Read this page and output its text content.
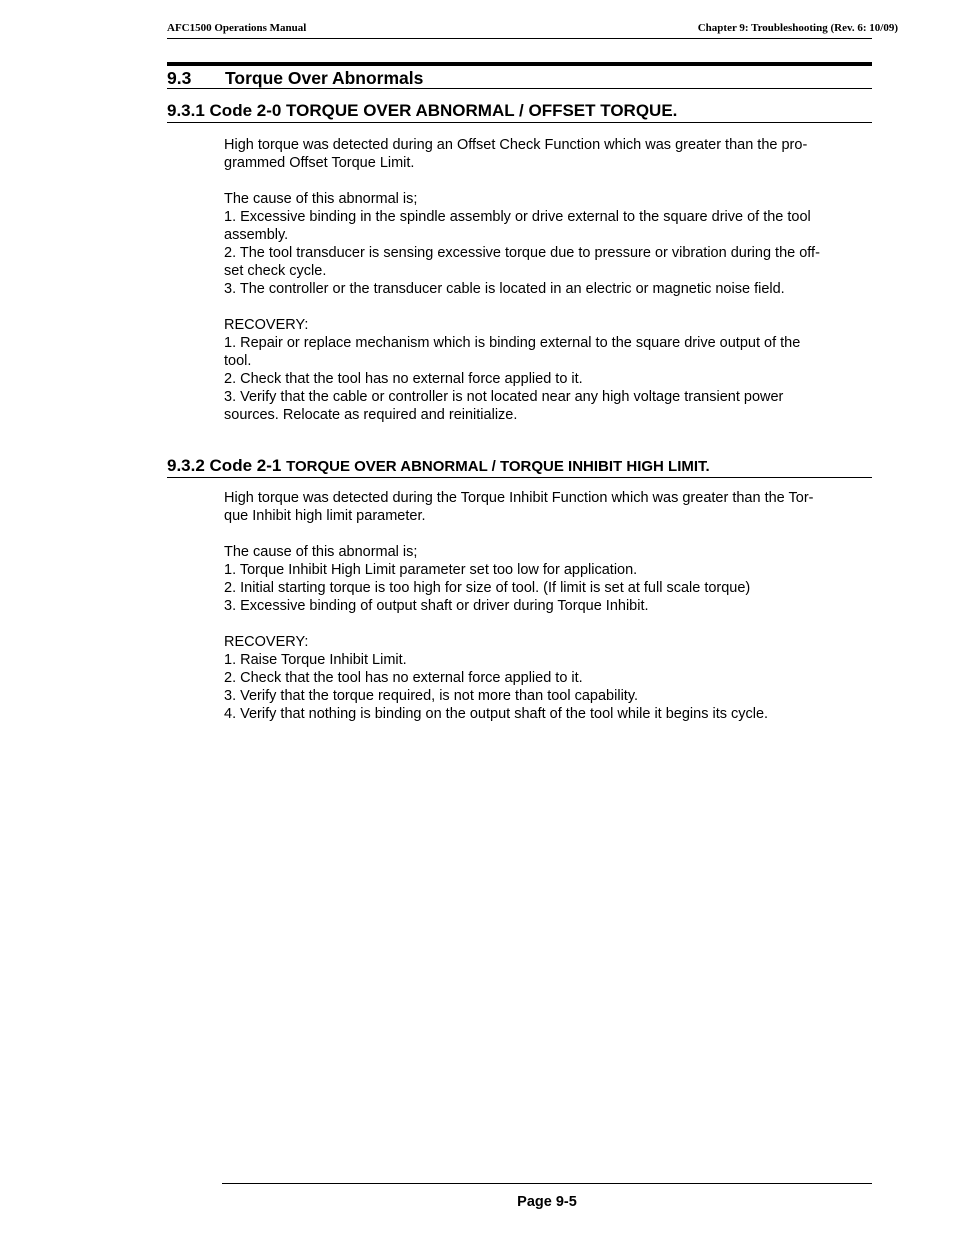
AFC1500 Operations Manual	Chapter 9: Troubleshooting (Rev. 6: 10/09)
9.3 Torque Over Abnormals
9.3.1 Code 2-0 TORQUE OVER ABNORMAL / OFFSET TORQUE.

High torque was detected during an Offset Check Function which was greater than the pro-
grammed Offset Torque Limit.

The cause of this abnormal is;
1. Excessive binding in the spindle assembly or drive external to the square drive of the tool
assembly.
2. The tool transducer is sensing excessive torque due to pressure or vibration during the off-
set check cycle.
3. The controller or the transducer cable is located in an electric or magnetic noise field.

RECOVERY:
1. Repair or replace mechanism which is binding external to the square drive output of the
tool.
2. Check that the tool has no external force applied to it.
3. Verify that the cable or controller is not located near any high voltage transient power
sources. Relocate as required and reinitialize.

9.3.2 Code 2-1 TORQUE OVER ABNORMAL / TORQUE INHIBIT HIGH LIMIT.

High torque was detected during the Torque Inhibit Function which was greater than the Tor-
que Inhibit high limit parameter.

The cause of this abnormal is;
1. Torque Inhibit High Limit parameter set too low for application.
2. Initial starting torque is too high for size of tool. (If limit is set at full scale torque)
3. Excessive binding of output shaft or driver during Torque Inhibit.

RECOVERY:
1. Raise Torque Inhibit Limit.
2. Check that the tool has no external force applied to it.
3. Verify that the torque required, is not more than tool capability.
4. Verify that nothing is binding on the output shaft of the tool while it begins its cycle.

Page 9-5
